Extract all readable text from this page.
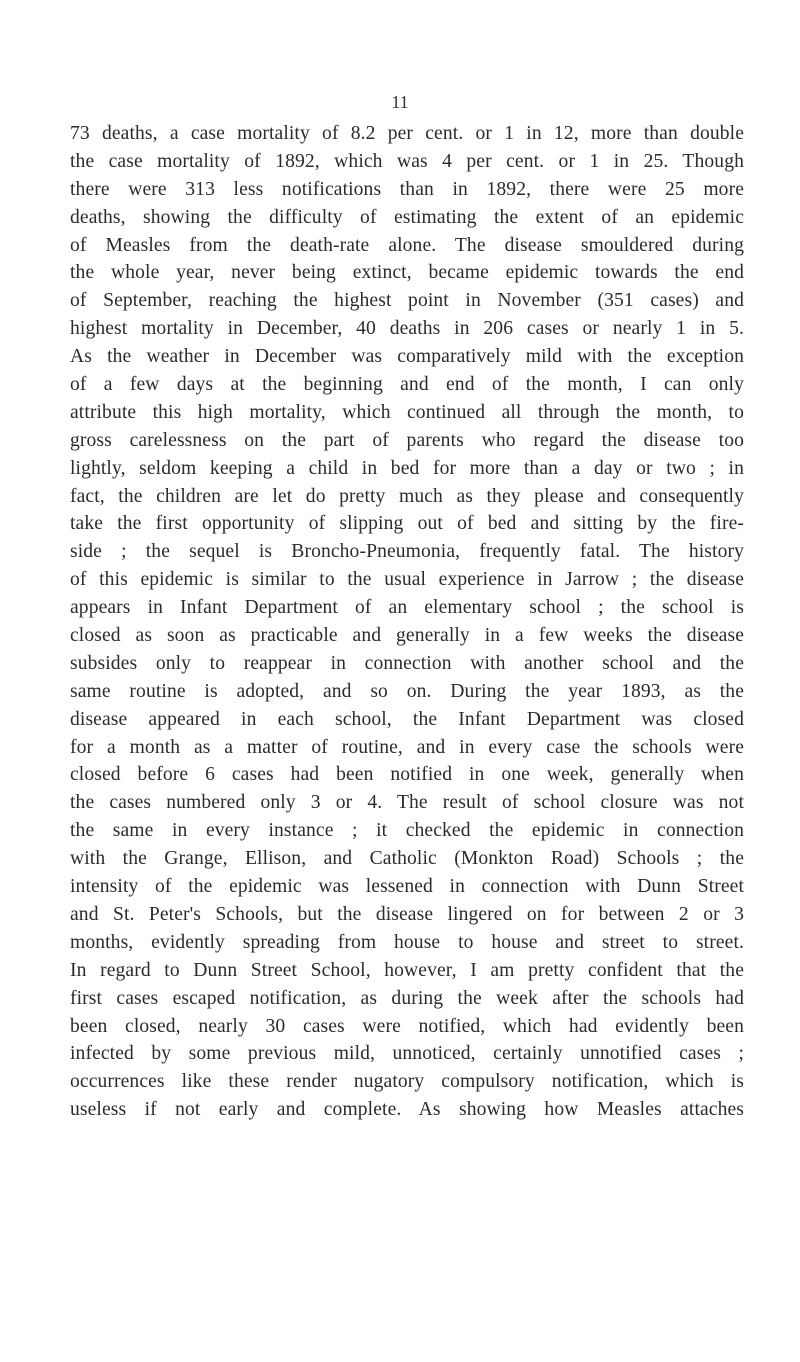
11
73 deaths, a case mortality of 8.2 per cent. or 1 in 12, more than double
the case mortality of 1892, which was 4 per cent. or 1 in 25. Though
there were 313 less notifications than in 1892, there were 25 more
deaths, showing the difficulty of estimating the extent of an epidemic
of Measles from the death-rate alone. The disease smouldered during
the whole year, never being extinct, became epidemic towards the end
of September, reaching the highest point in November (351 cases) and
highest mortality in December, 40 deaths in 206 cases or nearly 1 in 5.
As the weather in December was comparatively mild with the exception
of a few days at the beginning and end of the month, I can only
attribute this high mortality, which continued all through the month, to
gross carelessness on the part of parents who regard the disease too
lightly, seldom keeping a child in bed for more than a day or two ; in
fact, the children are let do pretty much as they please and consequently
take the first opportunity of slipping out of bed and sitting by the fire-
side ; the sequel is Broncho-Pneumonia, frequently fatal. The history
of this epidemic is similar to the usual experience in Jarrow ; the disease
appears in Infant Department of an elementary school ; the school is
closed as soon as practicable and generally in a few weeks the disease
subsides only to reappear in connection with another school and the
same routine is adopted, and so on. During the year 1893, as the
disease appeared in each school, the Infant Department was closed
for a month as a matter of routine, and in every case the schools were
closed before 6 cases had been notified in one week, generally when
the cases numbered only 3 or 4. The result of school closure was not
the same in every instance ; it checked the epidemic in connection
with the Grange, Ellison, and Catholic (Monkton Road) Schools ; the
intensity of the epidemic was lessened in connection with Dunn Street
and St. Peter's Schools, but the disease lingered on for between 2 or 3
months, evidently spreading from house to house and street to street.
In regard to Dunn Street School, however, I am pretty confident that the
first cases escaped notification, as during the week after the schools had
been closed, nearly 30 cases were notified, which had evidently been
infected by some previous mild, unnoticed, certainly unnotified cases ;
occurrences like these render nugatory compulsory notification, which is
useless if not early and complete. As showing how Measles attaches
